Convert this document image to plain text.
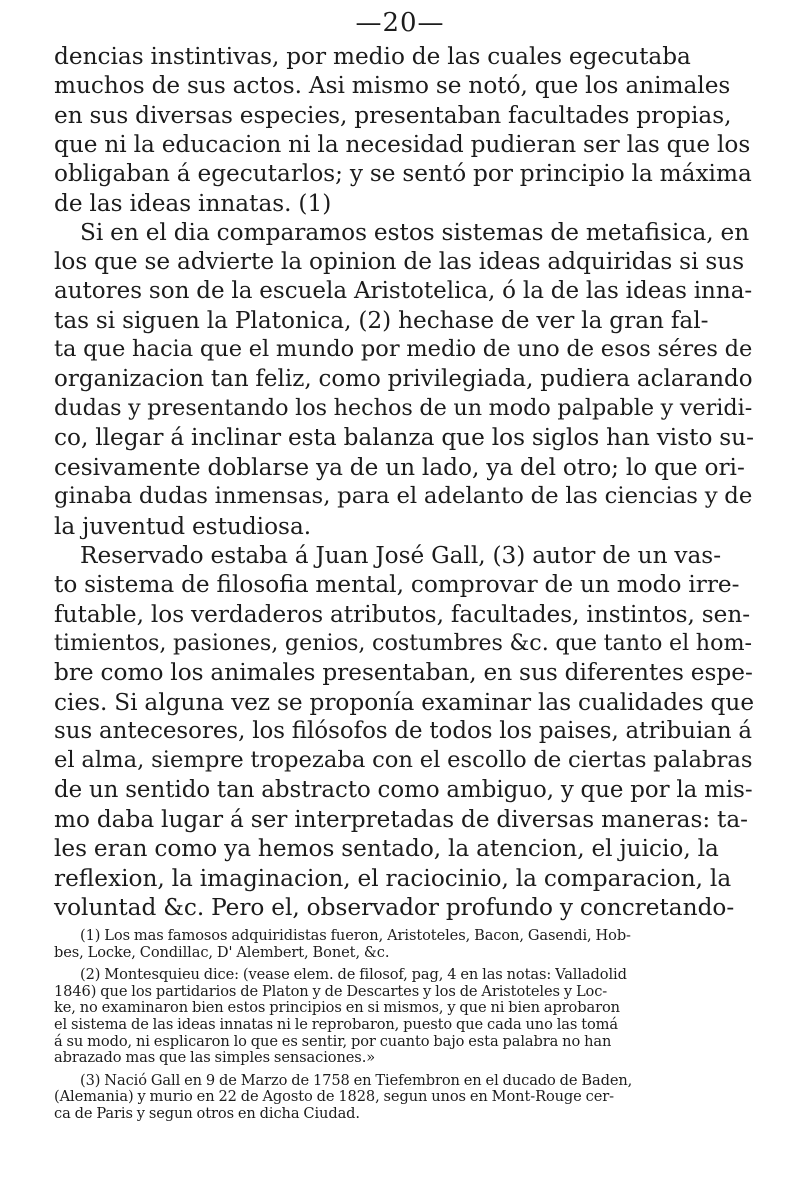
—20—

dencias instintivas, por medio de las cuales egecutaba
muchos de sus actos. Asi mismo se notó, que los animales
en sus diversas especies, presentaban facultades propias,
que ni la educacion ni la necesidad pudieran ser las que los
obligaban á egecutarlos; y se sentó por principio la máxima
de las ideas innatas. (1)

Si en el dia comparamos estos sistemas de metafisica, en
los que se advierte la opinion de las ideas adquiridas si sus
autores son de la escuela Aristotelica, ó la de las ideas inna-
tas si siguen la Platonica, (2) hechase de ver la gran fal-
ta que hacia que el mundo por medio de uno de esos séres de
organizacion tan feliz, como privilegiada, pudiera aclarando
dudas y presentando los hechos de un modo palpable y veridi-
co, llegar á inclinar esta balanza que los siglos han visto su-
cesivamente doblarse ya de un lado, ya del otro; lo que ori-
ginaba dudas inmensas, para el adelanto de las ciencias y de
la juventud estudiosa.

Reservado estaba á Juan José Gall, (3) autor de un vas-
to sistema de filosofia mental, comprovar de un modo irre-
futable, los verdaderos atributos, facultades, instintos, sen-
timientos, pasiones, genios, costumbres &c. que tanto el hom-
bre como los animales presentaban, en sus diferentes espe-
cies. Si alguna vez se proponía examinar las cualidades que
sus antecesores, los filósofos de todos los paises, atribuian á
el alma, siempre tropezaba con el escollo de ciertas palabras
de un sentido tan abstracto como ambiguo, y que por la mis-
mo daba lugar á ser interpretadas de diversas maneras: ta-
les eran como ya hemos sentado, la atencion, el juicio, la
reflexion, la imaginacion, el raciocinio, la comparacion, la
voluntad &c. Pero el, observador profundo y concretando-

(1) Los mas famosos adquiridistas fueron, Aristoteles, Bacon, Gasendi, Hob-
bes, Locke, Condillac, D' Alembert, Bonet, &c.

(2) Montesquieu dice: (vease elem. de filosof, pag, 4 en las notas: Valladolid
1846) que los partidarios de Platon y de Descartes y los de Aristoteles y Loc-
ke, no examinaron bien estos principios en si mismos, y que ni bien aprobaron
el sistema de las ideas innatas ni le reprobaron, puesto que cada uno las tomá
á su modo, ni esplicaron lo que es sentir, por cuanto bajo esta palabra no han
abrazado mas que las simples sensaciones.»

(3) Nació Gall en 9 de Marzo de 1758 en Tiefembron en el ducado de Baden,
(Alemania) y murio en 22 de Agosto de 1828, segun unos en Mont-Rouge cer-
ca de Paris y segun otros en dicha Ciudad.
